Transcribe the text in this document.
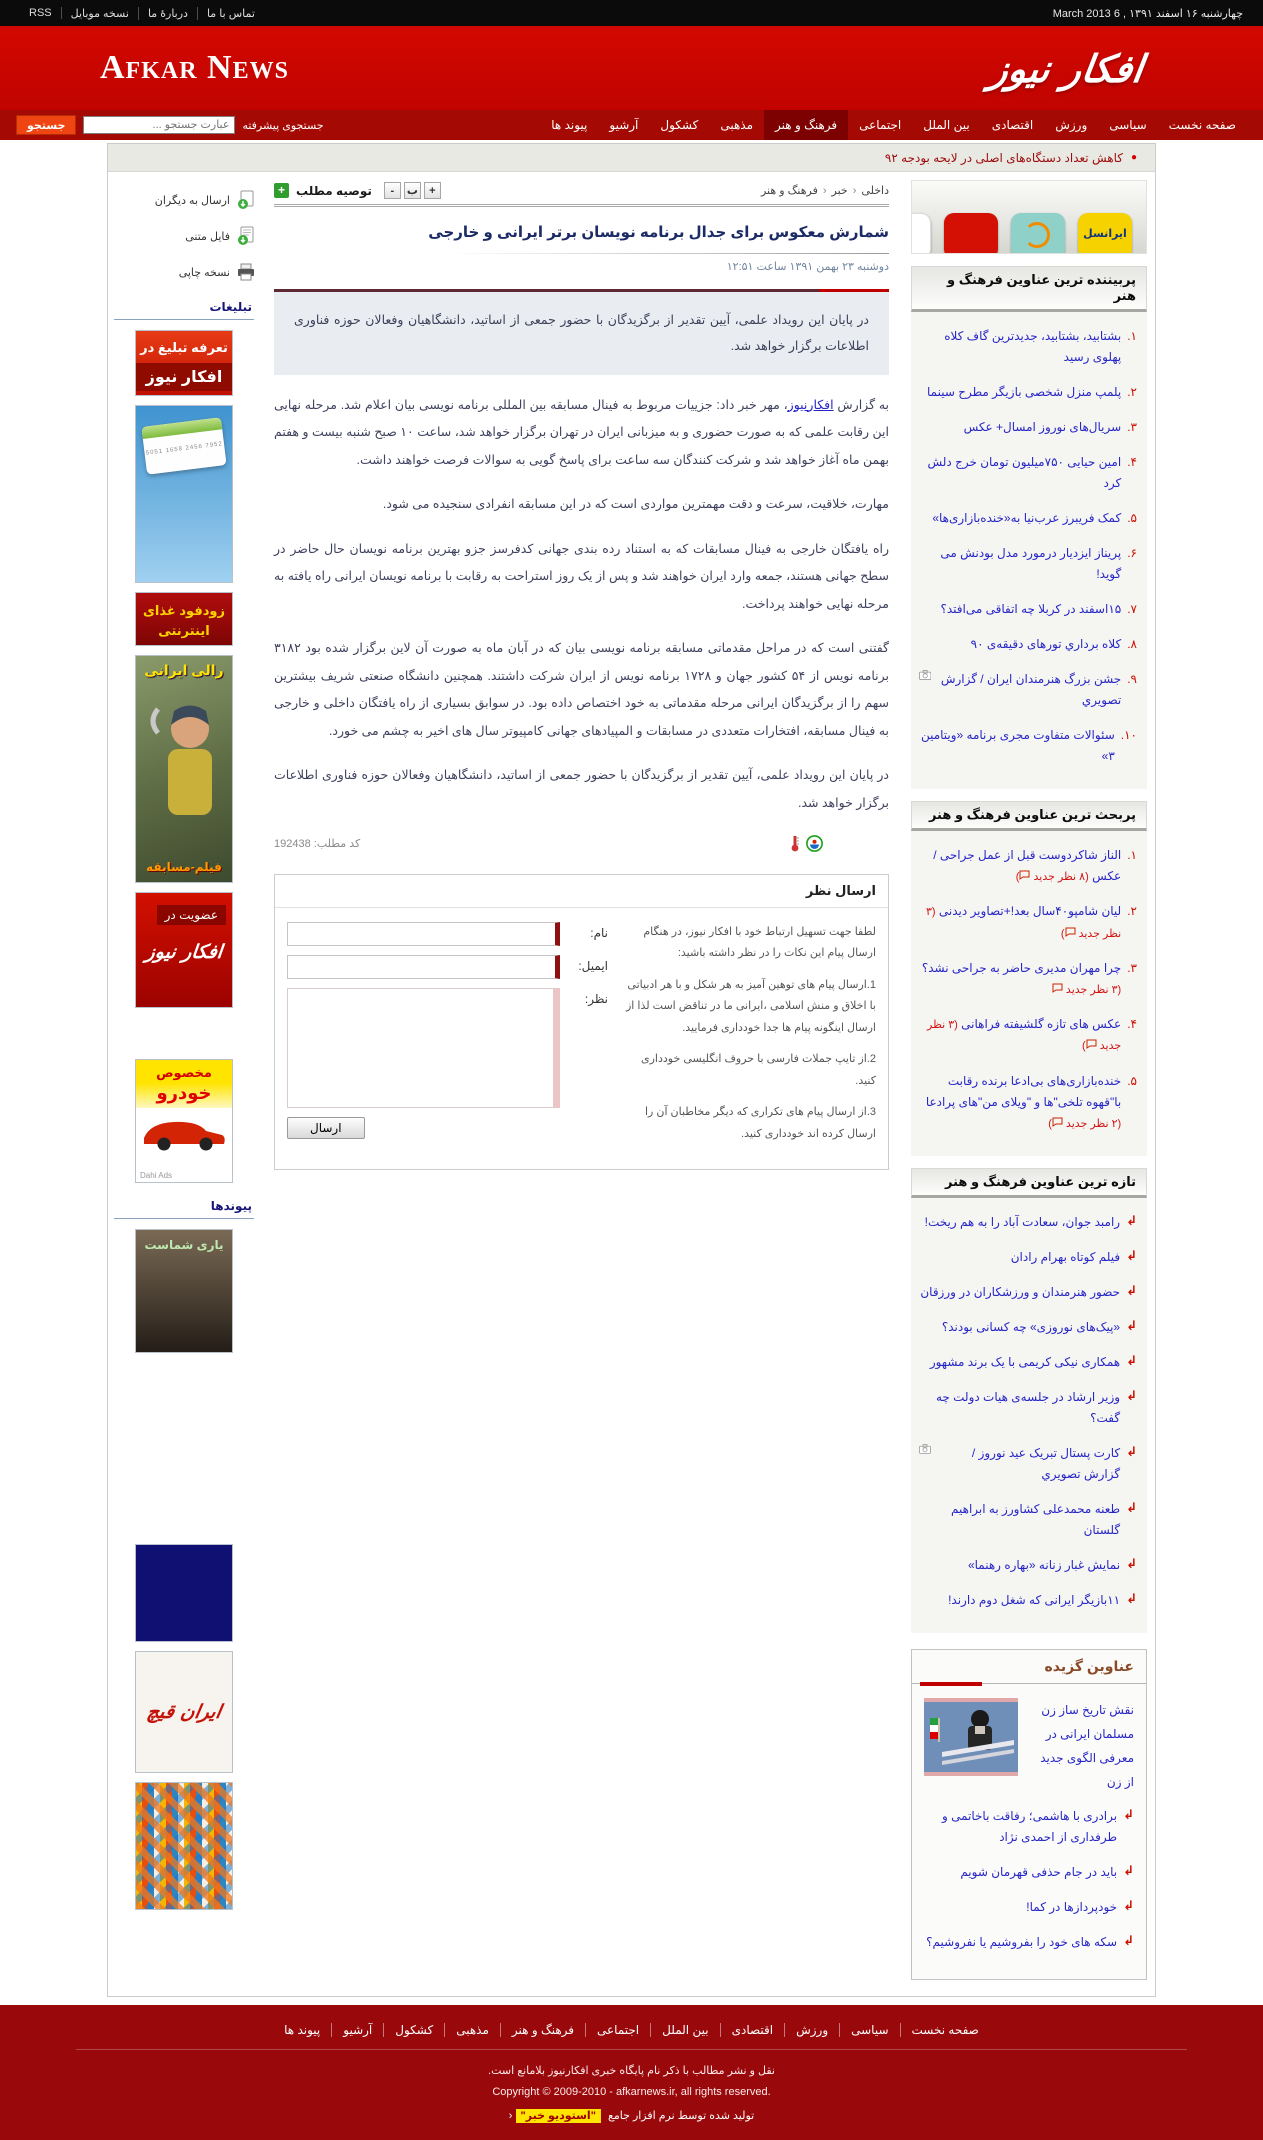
چهارشنبه ۱۶ اسفند ۱۳۹۱ , 6 March 2013
تماس با ما
دربارهٔ ما
نسخه موبایل
RSS
افکار نیوز
Afkar News
صفحه نخست
سیاسی
ورزش
اقتصادی
بین الملل
اجتماعی
فرهنگ و هنر
مذهبی
کشکول
آرشیو
پیوند ها
جستجوی پیشرفته
عبارت جستجو ...
جستجو
●
کاهش تعداد دستگاه‌های اصلی در لایحه بودجه ۹۲
ایرانسل
پربیننده ترین عناوین فرهنگ و هنر
۱.
بشتابید، بشتابید، جدیدترین گاف کلاه پهلوی رسید
۲.
پلمپ منزل شخصی بازیگر مطرح سینما
۳.
سریال‌های نوروز امسال+ عکس
۴.
امین حیایی ۷۵۰میلیون تومان خرج دلش کرد
۵.
کمک فریبرز عرب‌نیا به«خنده‌بازاری‌ها»
۶.
پریناز ایزدیار درمورد مدل بودنش می گوید!
۷.
۱۵اسفند در کربلا چه اتفاقی می‌افتد؟
۸.
کلاه برداري تورهای دقیقه‌ی ۹۰
۹.
جشن بزرگ هنرمندان ایران / گزارش تصویري
۱۰.
سئوالات متفاوت مجری برنامه «ویتامین ۳»
پربحث ترین عناوین فرهنگ و هنر
۱.
الناز شاکردوست قبل از عمل جراحی / عکس (۸ نظر جدید )
۲.
لیان شامپو۴۰سال بعد!+تصاویر دیدنی (۳ نظر جدید )
۳.
چرا مهران مدیری حاضر به جراحی نشد؟ (۳ نظر جدید
۴.
عکس های تازه گلشیفته فراهانی (۳ نظر جدید )
۵.
خنده‌بازاری‌های بی‌ادعا برنده رقابت با"قهوه تلخی"ها و "ویلای من"های پرادعا (۲ نظر جدید )
تازه ترین عناوین فرهنگ و هنر
↲
رامبد جوان، سعادت آباد را به هم ریخت!
↲
فیلم کوتاه بهرام رادان
↲
حضور هنرمندان و ورزشکاران در ورزقان
↲
«پیک‌های نوروزی» چه کسانی بودند؟
↲
همکاری نیکی کریمی با یک برند مشهور
↲
وزیر ارشاد در جلسه‌ی هیات دولت چه گفت؟
↲
کارت پستال تبریک عید نوروز / گزارش تصویري
↲
طعنه محمدعلی کشاورز به ابراهیم گلستان
↲
نمایش غبار زنانه «بهاره رهنما»
↲
۱۱بازیگر ایرانی که شغل دوم دارند!
عناوین گزیده
نقش تاریخ ساز زن مسلمان ایرانی در معرفی الگوی جدید از زن
↲
برادری با هاشمی؛ رفاقت باخاتمی و طرفداری از احمدی نژاد
↲
باید در جام حذفی قهرمان شویم
↲
خودپردازها در کما!
↲
سکه های خود را بفروشیم یا نفروشیم؟
داخلی› خبر› فرهنگ و هنر
+
ب
-
توصیه مطلب
+
شمارش معکوس برای جدال برنامه نویسان برتر ایرانی و خارجی
دوشنبه ۲۳ بهمن ۱۳۹۱ ساعت ۱۲:۵۱
در پایان این رویداد علمی، آیین تقدیر از برگزیدگان با حضور جمعی از اساتید، دانشگاهیان وفعالان حوزه فناوری اطلاعات برگزار خواهد شد.

به گزارش افکارنیوز، مهر خبر داد: جزییات مربوط به فینال مسابقه بین المللی برنامه نویسی بیان اعلام شد. مرحله نهایی این رقابت علمی که به صورت حضوری و به میزبانی ایران در تهران برگزار خواهد شد، ساعت ۱۰ صبح شنبه بیست و هفتم بهمن ماه آغاز خواهد شد و شرکت کنندگان سه ساعت برای پاسخ گویی به سوالات فرصت خواهند داشت.

مهارت، خلاقیت، سرعت و دقت مهمترین مواردی است که در این مسابقه انفرادی سنجیده می شود.

راه یافتگان خارجی به فینال مسابقات که به استناد رده بندی جهانی کدفرسز جزو بهترین برنامه نویسان حال حاضر در سطح جهانی هستند، جمعه وارد ایران خواهند شد و پس از یک روز استراحت به رقابت با برنامه نویسان ایرانی راه یافته به مرحله نهایی خواهند پرداخت.

گفتنی است که در مراحل مقدماتی مسابقه برنامه نویسی بیان که در آبان ماه به صورت آن لاین برگزار شده بود ۳۱۸۲ برنامه نویس از ۵۴ کشور جهان و ۱۷۲۸ برنامه نویس از ایران شرکت داشتند. همچنین دانشگاه صنعتی شریف بیشترین سهم را از برگزیدگان ایرانی مرحله مقدماتی به خود اختصاص داده بود. در سوابق بسیاری از راه یافتگان داخلی و خارجی به فینال مسابقه، افتخارات متعددی در مسابقات و المپیادهای جهانی کامپیوتر سال های اخیر به چشم می خورد.

در پایان این رویداد علمی، آیین تقدیر از برگزیدگان با حضور جمعی از اساتید، دانشگاهیان وفعالان حوزه فناوری اطلاعات برگزار خواهد شد.

کد مطلب: 192438
ارسال نظر

لطفا جهت تسهیل ارتباط خود با افکار نیوز، در هنگام ارسال پیام این نکات را در نظر داشته باشید:

1.ارسال پیام های توهین آمیز به هر شکل و با هر ادبیاتی با اخلاق و منش اسلامی ،ایرانی ما در تناقض است لذا از ارسال اینگونه پیام ها جدا خودداری فرمایید.

2.از تایپ جملات فارسی با حروف انگلیسی خودداری کنید.

3.از ارسال پیام های تکراری که دیگر مخاطبان آن را ارسال کرده اند خودداری کنید.

نام:
ایمیل:
نظر:
ارسال
ارسال به دیگران
فایل متنی
نسخه چاپی
تبلیغات
تعرفه تبلیغ در
افکار نیوز
5051 1658 2456 7952
زودفود غذای اینترنتی
رالی ایرانی
فیلم-مسابقه
عضویت در
افکار نیوز
مخصوص
خودرو
Dahi Ads
پیوندها
یاری شماست
ایران قیچ
صفحه نخست
سیاسی
ورزش
اقتصادی
بین الملل
اجتماعی
فرهنگ و هنر
مذهبی
کشکول
آرشیو
پیوند ها
نقل و نشر مطالب با ذکر نام پایگاه خبری افکارنیوز بلامانع است.
Copyright © 2009-2010 - afkarnews.ir, all rights reserved.
تولید شده توسط نرم افزار جامع "استودیو خبر" ‹
